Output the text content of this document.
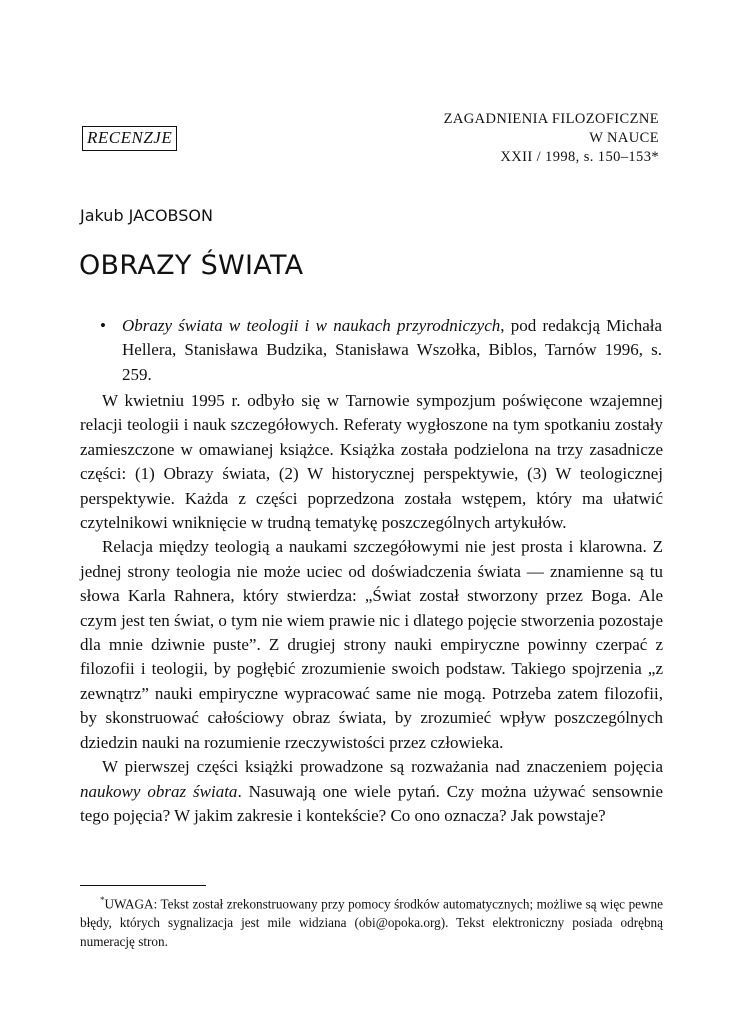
RECENZJE
ZAGADNIENIA FILOZOFICZNE
W NAUCE
XXII / 1998, s. 150–153*
Jakub JACOBSON
OBRAZY ŚWIATA
• Obrazy świata w teologii i w naukach przyrodniczych, pod redakcją Michała Hellera, Stanisława Budzika, Stanisława Wszołka, Biblos, Tarnów 1996, s. 259.

W kwietniu 1995 r. odbyło się w Tarnowie sympozjum poświęcone wzajemnej relacji teologii i nauk szczegółowych. Referaty wygłoszone na tym spotkaniu zostały zamieszczone w omawianej książce. Książka została podzielona na trzy zasadnicze części: (1) Obrazy świata, (2) W historycznej perspektywie, (3) W teologicznej perspektywie. Każda z części poprzedzona została wstępem, który ma ułatwić czytelnikowi wniknięcie w trudną tematykę poszczególnych artykułów.

Relacja między teologią a naukami szczegółowymi nie jest prosta i klarowna. Z jednej strony teologia nie może uciec od doświadczenia świata — znamienne są tu słowa Karla Rahnera, który stwierdza: „Świat został stworzony przez Boga. Ale czym jest ten świat, o tym nie wiem prawie nic i dlatego pojęcie stworzenia pozostaje dla mnie dziwnie puste”. Z drugiej strony nauki empiryczne powinny czerpać z filozofii i teologii, by pogłębić zrozumienie swoich podstaw. Takiego spojrzenia „z zewnątrz” nauki empiryczne wypracować same nie mogą. Potrzeba zatem filozofii, by skonstruować całościowy obraz świata, by zrozumieć wpływ poszczególnych dziedzin nauki na rozumienie rzeczywistości przez człowieka.

W pierwszej części książki prowadzone są rozważania nad znaczeniem pojęcia naukowy obraz świata. Nasuwają one wiele pytań. Czy można używać sensownie tego pojęcia? W jakim zakresie i kontekście? Co ono oznacza? Jak powstaje?

*UWAGA: Tekst został zrekonstruowany przy pomocy środków automatycznych; możliwe są więc pewne błędy, których sygnalizacja jest mile widziana (obi@opoka.org). Tekst elektroniczny posiada odrębną numerację stron.
